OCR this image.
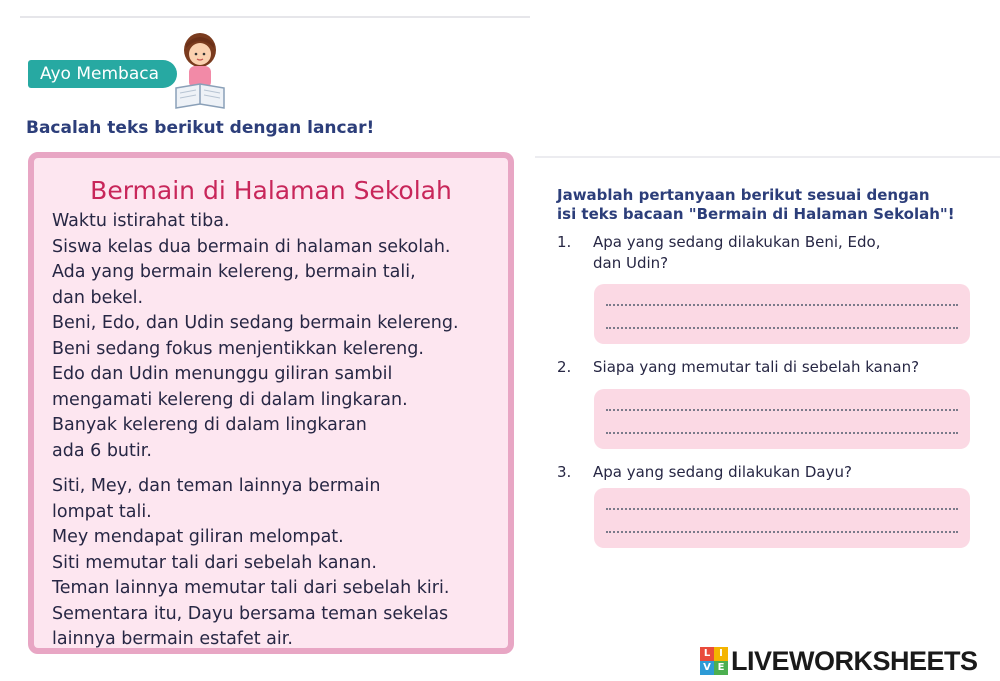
Ayo Membaca
Bacalah teks berikut dengan lancar!
Bermain di Halaman Sekolah

Waktu istirahat tiba.

Siswa kelas dua bermain di halaman sekolah.

Ada yang bermain kelereng, bermain tali,

dan bekel.

Beni, Edo, dan Udin sedang bermain kelereng.

Beni sedang fokus menjentikkan kelereng.

Edo dan Udin menunggu giliran sambil

mengamati kelereng di dalam lingkaran.

Banyak kelereng di dalam lingkaran

ada 6 butir.

Siti, Mey, dan teman lainnya bermain

lompat tali.

Mey mendapat giliran melompat.

Siti memutar tali dari sebelah kanan.

Teman lainnya memutar tali dari sebelah kiri.

Sementara itu, Dayu bersama teman sekelas

lainnya bermain estafet air.

Jawablah pertanyaan berikut sesuai dengan
isi teks bacaan "Bermain di Halaman Sekolah"!
1. Apa yang sedang dilakukan Beni, Edo,
dan Udin?
2. Siapa yang memutar tali di sebelah kanan?
3. Apa yang sedang dilakukan Dayu?
L I
V E LIVEWORKSHEETS
